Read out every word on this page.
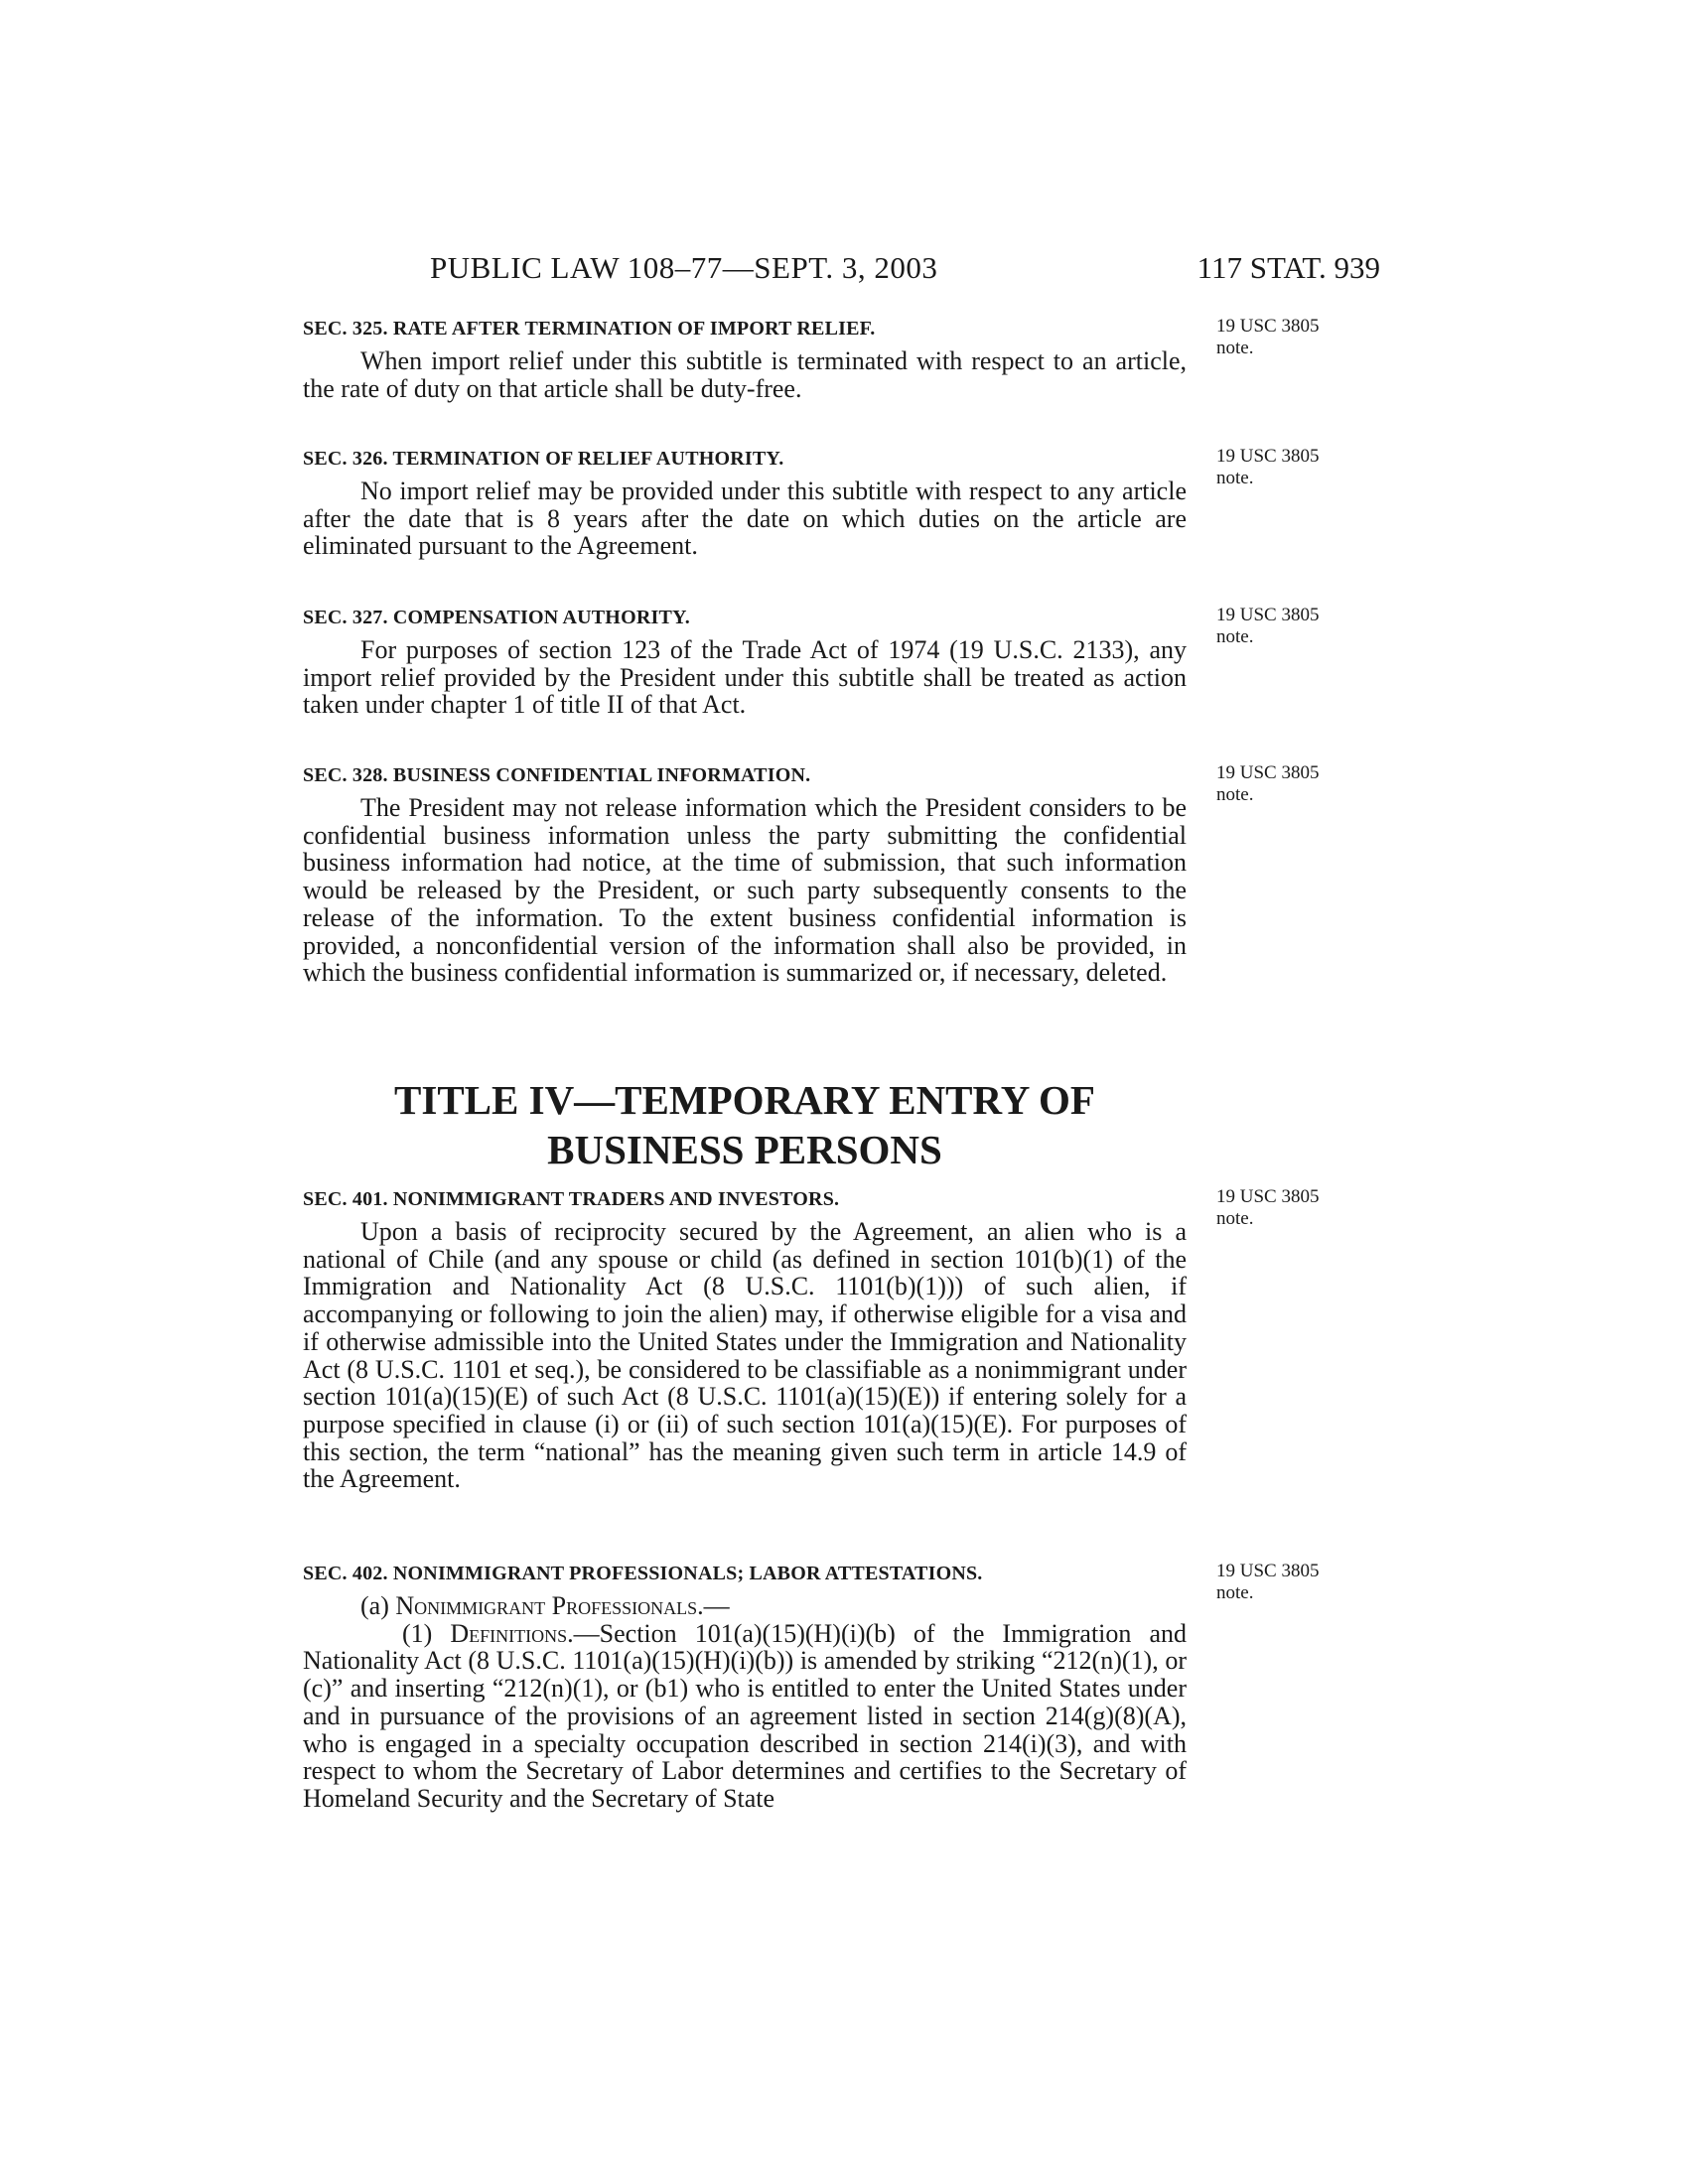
PUBLIC LAW 108–77—SEPT. 3, 2003	117 STAT. 939

SEC. 325. RATE AFTER TERMINATION OF IMPORT RELIEF.

When import relief under this subtitle is terminated with respect to an article, the rate of duty on that article shall be duty-free.

19 USC 3805
note.

SEC. 326. TERMINATION OF RELIEF AUTHORITY.

No import relief may be provided under this subtitle with respect to any article after the date that is 8 years after the date on which duties on the article are eliminated pursuant to the Agreement.

19 USC 3805
note.

SEC. 327. COMPENSATION AUTHORITY.

For purposes of section 123 of the Trade Act of 1974 (19 U.S.C. 2133), any import relief provided by the President under this subtitle shall be treated as action taken under chapter 1 of title II of that Act.

19 USC 3805
note.

SEC. 328. BUSINESS CONFIDENTIAL INFORMATION.

The President may not release information which the President considers to be confidential business information unless the party submitting the confidential business information had notice, at the time of submission, that such information would be released by the President, or such party subsequently consents to the release of the information. To the extent business confidential information is provided, a nonconfidential version of the information shall also be provided, in which the business confidential information is summarized or, if necessary, deleted.

19 USC 3805
note.
TITLE IV—TEMPORARY ENTRY OF
BUSINESS PERSONS

SEC. 401. NONIMMIGRANT TRADERS AND INVESTORS.

Upon a basis of reciprocity secured by the Agreement, an alien who is a national of Chile (and any spouse or child (as defined in section 101(b)(1) of the Immigration and Nationality Act (8 U.S.C. 1101(b)(1))) of such alien, if accompanying or following to join the alien) may, if otherwise eligible for a visa and if otherwise admissible into the United States under the Immigration and Nationality Act (8 U.S.C. 1101 et seq.), be considered to be classifiable as a nonimmigrant under section 101(a)(15)(E) of such Act (8 U.S.C. 1101(a)(15)(E)) if entering solely for a purpose specified in clause (i) or (ii) of such section 101(a)(15)(E). For purposes of this section, the term “national” has the meaning given such term in article 14.9 of the Agreement.

19 USC 3805
note.

SEC. 402. NONIMMIGRANT PROFESSIONALS; LABOR ATTESTATIONS.

(a) Nonimmigrant Professionals.—

(1) Definitions.—Section 101(a)(15)(H)(i)(b) of the Immigration and Nationality Act (8 U.S.C. 1101(a)(15)(H)(i)(b)) is amended by striking “212(n)(1), or (c)” and inserting “212(n)(1), or (b1) who is entitled to enter the United States under and in pursuance of the provisions of an agreement listed in section 214(g)(8)(A), who is engaged in a specialty occupation described in section 214(i)(3), and with respect to whom the Secretary of Labor determines and certifies to the Secretary of Homeland Security and the Secretary of State

19 USC 3805
note.
